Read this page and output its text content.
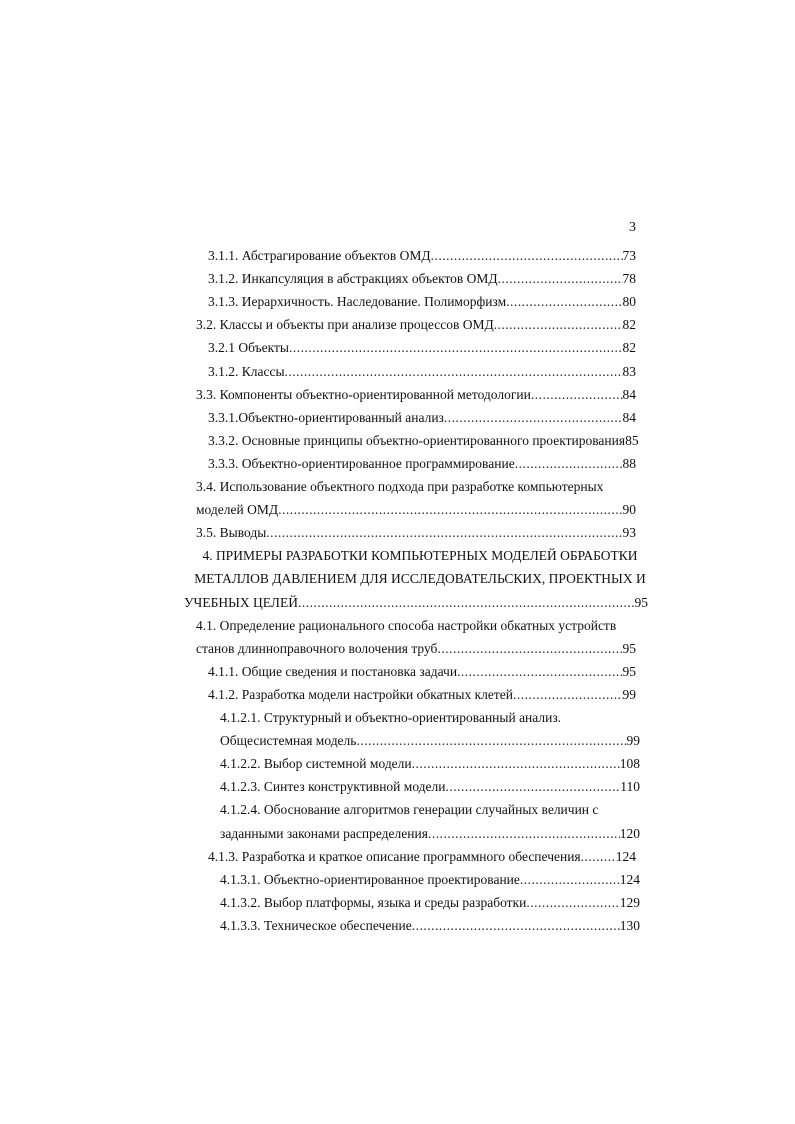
3
3.1.1. Абстрагирование объектов ОМД .....	73
3.1.2. Инкапсуляция в абстракциях объектов ОМД .....	78
3.1.3. Иерархичность. Наследование. Полиморфизм .....	80
3.2. Классы и объекты при анализе процессов ОМД .....	82
3.2.1 Объекты .....	82
3.1.2. Классы .....	83
3.3. Компоненты объектно-ориентированной методологии .....	84
3.3.1.Объектно-ориентированный анализ .....	84
3.3.2. Основные принципы объектно-ориентированного проектирования 85
3.3.3. Объектно-ориентированное программирование .....	88
3.4. Использование объектного подхода при разработке компьютерных
моделей ОМД .....	90
3.5. Выводы .....	93
4. ПРИМЕРЫ РАЗРАБОТКИ КОМПЬЮТЕРНЫХ МОДЕЛЕЙ ОБРАБОТКИ
МЕТАЛЛОВ ДАВЛЕНИЕМ ДЛЯ ИССЛЕДОВАТЕЛЬСКИХ, ПРОЕКТНЫХ И
УЧЕБНЫХ ЦЕЛЕЙ .....	95
4.1. Определение рационального способа настройки обкатных устройств
станов длинноправочного волочения труб .....	95
4.1.1. Общие сведения и постановка задачи .....	95
4.1.2. Разработка модели настройки обкатных клетей .....	99
4.1.2.1. Структурный и объектно-ориентированный анализ.
Общесистемная модель .....	99
4.1.2.2. Выбор системной модели .....	108
4.1.2.3. Синтез конструктивной модели .....	110
4.1.2.4. Обоснование алгоритмов генерации случайных величин с
заданными законами распределения .....	120
4.1.3. Разработка и краткое описание программного обеспечения .....	124
4.1.3.1. Объектно-ориентированное проектирование .....	124
4.1.3.2. Выбор платформы, языка и среды разработки .....	129
4.1.3.3. Техническое обеспечение .....	130
